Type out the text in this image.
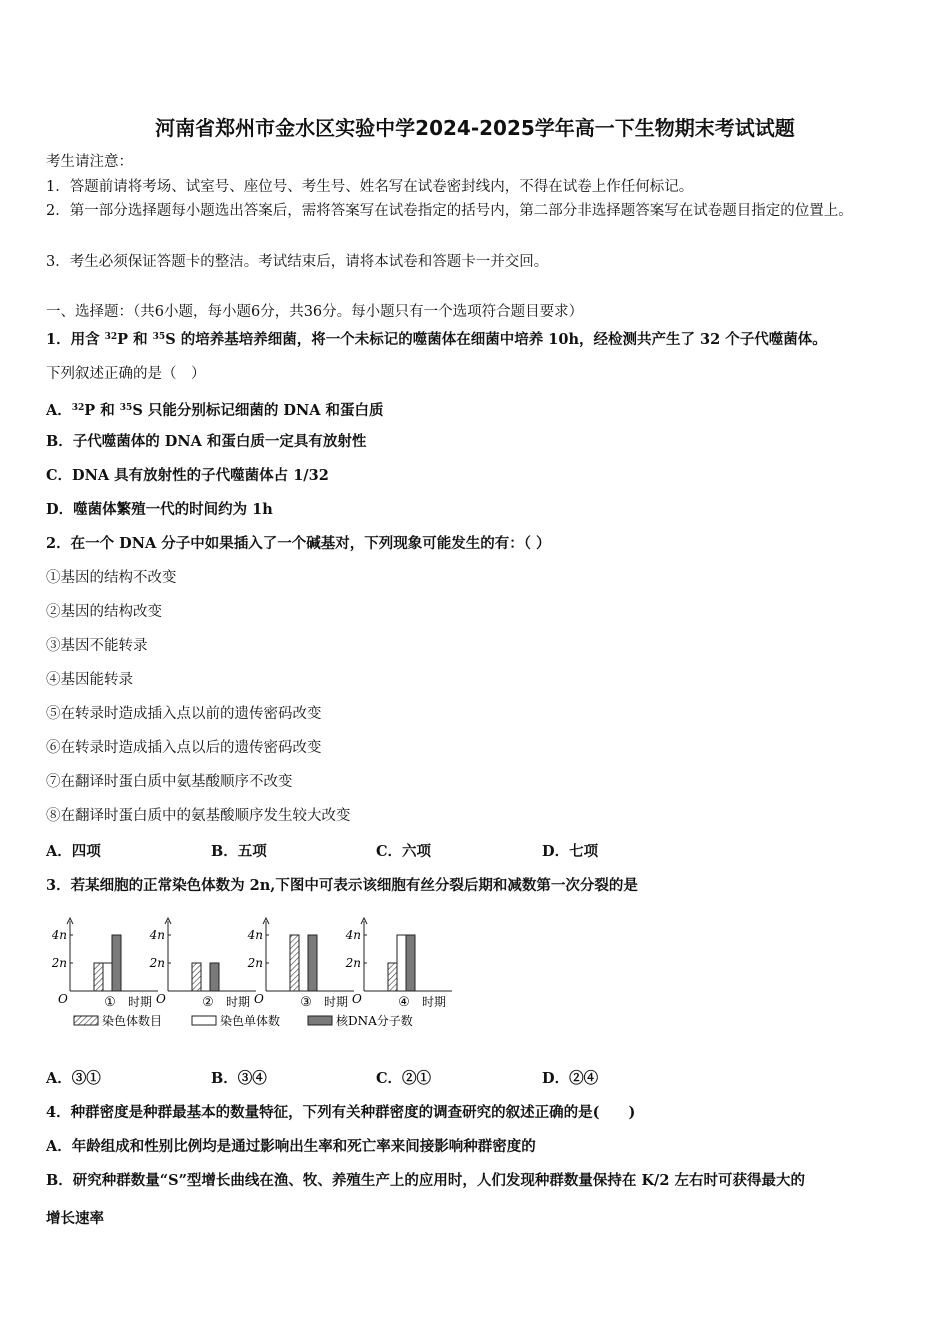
河南省郑州市金水区实验中学2024-2025学年高一下生物期末考试试题
考生请注意：
1．答题前请将考场、试室号、座位号、考生号、姓名写在试卷密封线内，不得在试卷上作任何标记。
2．第一部分选择题每小题选出答案后，需将答案写在试卷指定的括号内，第二部分非选择题答案写在试卷题目指定的位置上。
3．考生必须保证答题卡的整洁。考试结束后，请将本试卷和答题卡一并交回。
一、选择题：（共6小题，每小题6分，共36分。每小题只有一个选项符合题目要求）
1．用含 $^{32}$P 和 $^{35}$S 的培养基培养细菌，将一个未标记的噬菌体在细菌中培养 10h，经检测共产生了 32 个子代噬菌体。
下列叙述正确的是（　）
A．$^{32}$P 和 $^{35}$S 只能分别标记细菌的 DNA 和蛋白质
B．子代噬菌体的 DNA 和蛋白质一定具有放射性
C．DNA 具有放射性的子代噬菌体占 1/32
D．噬菌体繁殖一代的时间约为 1h
2．在一个 DNA 分子中如果插入了一个碱基对，下列现象可能发生的有：（ ）
①基因的结构不改变
②基因的结构改变
③基因不能转录
④基因能转录
⑤在转录时造成插入点以前的遗传密码改变
⑥在转录时造成插入点以后的遗传密码改变
⑦在翻译时蛋白质中氨基酸顺序不改变
⑧在翻译时蛋白质中的氨基酸顺序发生较大改变
A．四项	B．五项	C．六项	D．七项
3．若某细胞的正常染色体数为 2n,下图中可表示该细胞有丝分裂后期和减数第一次分裂的是
4n
2n
O	① 时期
4n
2n
O	② 时期
4n
2n
O	③ 时期
4n
2n
O	④ 时期
染色体数目	染色单体数	核DNA分子数
A．③①	B．③④	C．②①	D．②④
4．种群密度是种群最基本的数量特征，下列有关种群密度的调查研究的叙述正确的是(　　)
A．年龄组成和性别比例均是通过影响出生率和死亡率来间接影响种群密度的
B．研究种群数量“S”型增长曲线在渔、牧、养殖生产上的应用时，人们发现种群数量保持在 K/2 左右时可获得最大的
增长速率
